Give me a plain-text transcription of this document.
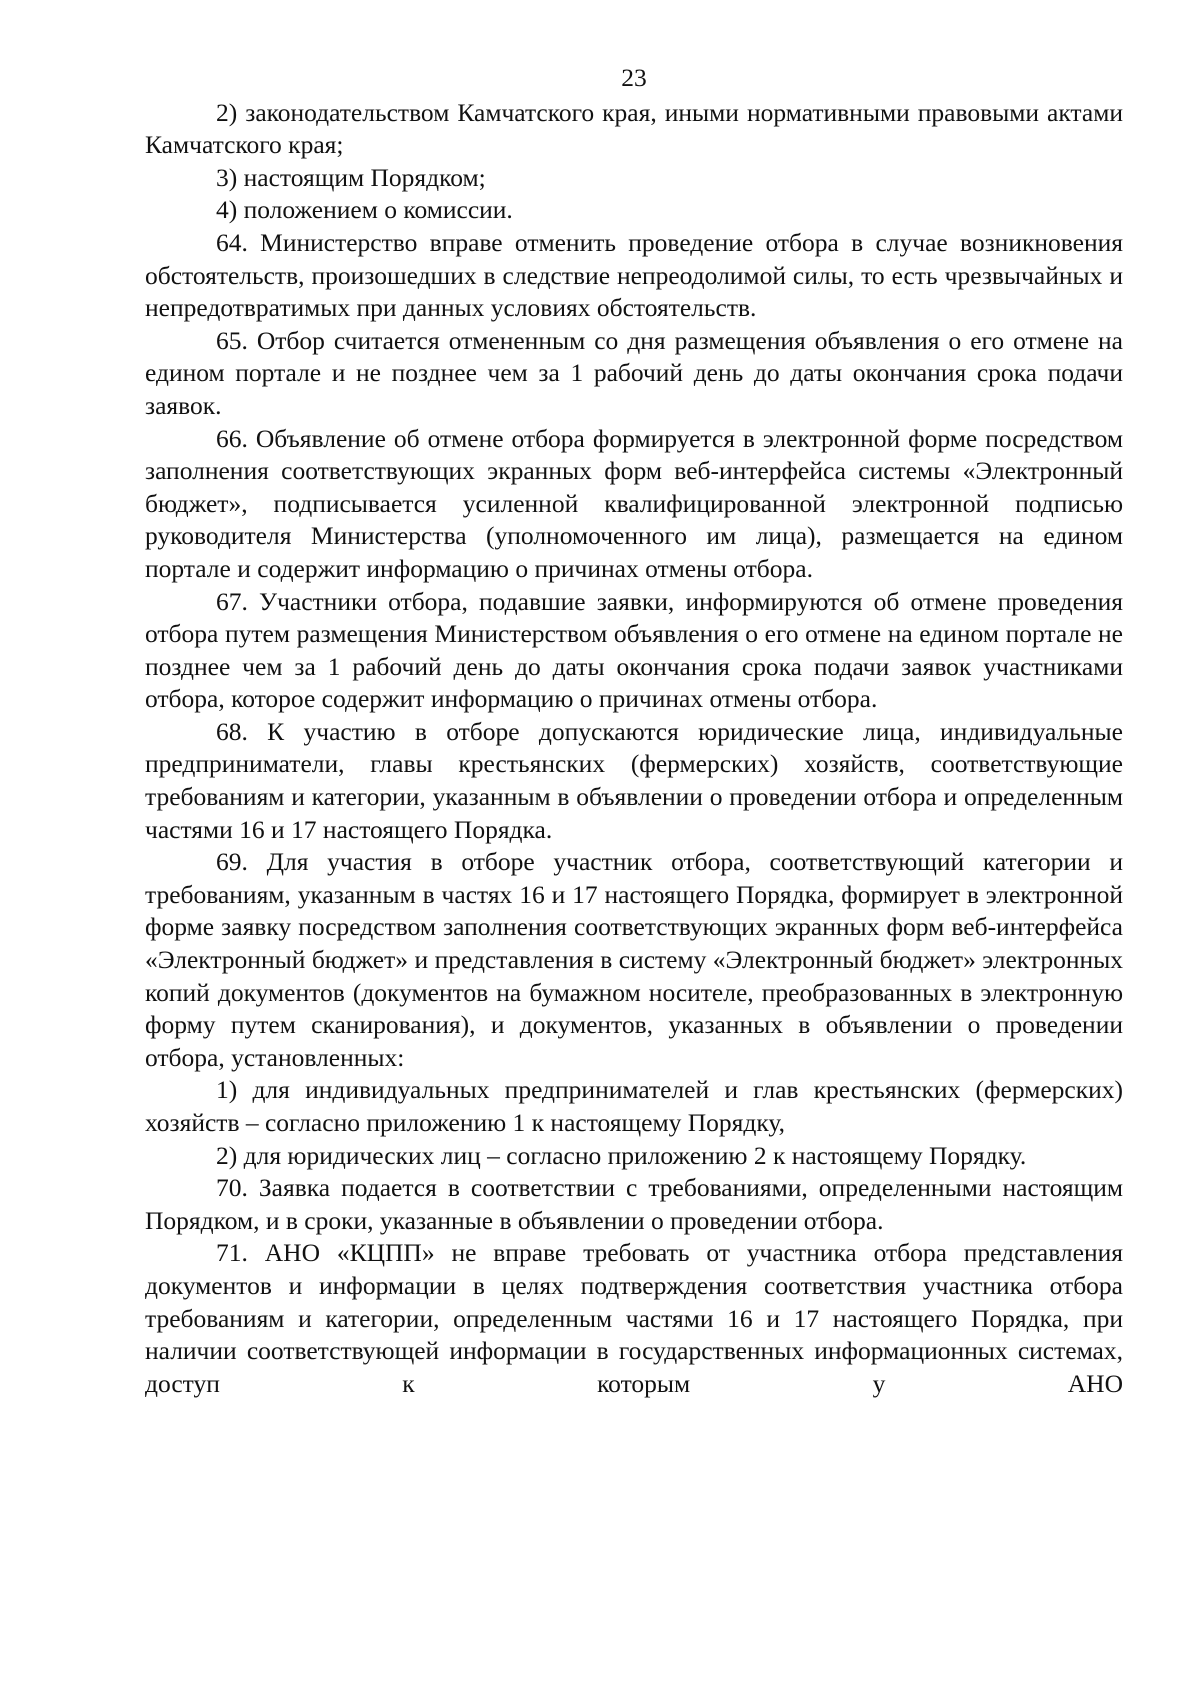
23

2) законодательством Камчатского края, иными нормативными правовыми актами Камчатского края;

3) настоящим Порядком;

4) положением о комиссии.

64. Министерство вправе отменить проведение отбора в случае возникновения обстоятельств, произошедших в следствие непреодолимой силы, то есть чрезвычайных и непредотвратимых при данных условиях обстоятельств.

65. Отбор считается отмененным со дня размещения объявления о его отмене на едином портале и не позднее чем за 1 рабочий день до даты окончания срока подачи заявок.

66. Объявление об отмене отбора формируется в электронной форме посредством заполнения соответствующих экранных форм веб-интерфейса системы «Электронный бюджет», подписывается усиленной квалифицированной электронной подписью руководителя Министерства (уполномоченного им лица), размещается на едином портале и содержит информацию о причинах отмены отбора.

67. Участники отбора, подавшие заявки, информируются об отмене проведения отбора путем размещения Министерством объявления о его отмене на едином портале не позднее чем за 1 рабочий день до даты окончания срока подачи заявок участниками отбора, которое содержит информацию о причинах отмены отбора.

68. К участию в отборе допускаются юридические лица, индивидуальные предприниматели, главы крестьянских (фермерских) хозяйств, соответствующие требованиям и категории, указанным в объявлении о проведении отбора и определенным частями 16 и 17 настоящего Порядка.

69. Для участия в отборе участник отбора, соответствующий категории и требованиям, указанным в частях 16 и 17 настоящего Порядка, формирует в электронной форме заявку посредством заполнения соответствующих экранных форм веб-интерфейса «Электронный бюджет» и представления в систему «Электронный бюджет» электронных копий документов (документов на бумажном носителе, преобразованных в электронную форму путем сканирования), и документов, указанных в объявлении о проведении отбора, установленных:

1) для индивидуальных предпринимателей и глав крестьянских (фермерских) хозяйств – согласно приложению 1 к настоящему Порядку,

2) для юридических лиц – согласно приложению 2 к настоящему Порядку.

70. Заявка подается в соответствии с требованиями, определенными настоящим Порядком, и в сроки, указанные в объявлении о проведении отбора.

71. АНО «КЦПП» не вправе требовать от участника отбора представления документов и информации в целях подтверждения соответствия участника отбора требованиям и категории, определенным частями 16 и 17 настоящего Порядка, при наличии соответствующей информации в государственных информационных системах, доступ к которым у АНО
